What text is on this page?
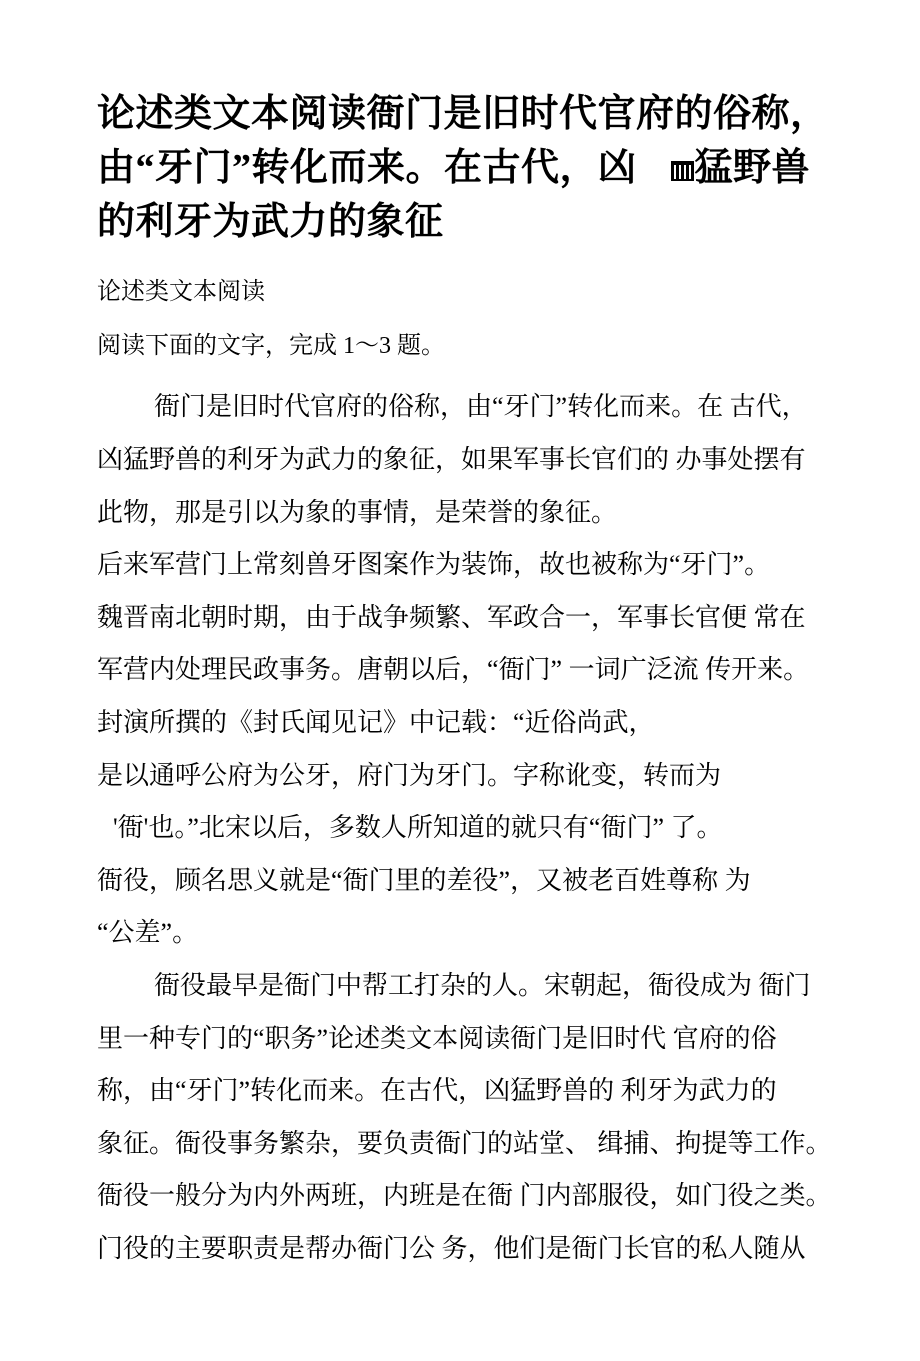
论述类文本阅读衙门是旧时代官府的俗称，
由“牙门”转化而来。在古代，凶 猛野兽
的利牙为武力的象征
论述类文本阅读
阅读下面的文字，完成 1～3 题。
衙门是旧时代官府的俗称，由“牙门”转化而来。在 古代，
凶猛野兽的利牙为武力的象征，如果军事长官们的 办事处摆有
此物，那是引以为象的事情，是荣誉的象征。
后来军营门上常刻兽牙图案作为装饰，故也被称为“牙门”。
魏晋南北朝时期，由于战争频繁、军政合一，军事长官便 常在
军营内处理民政事务。唐朝以后，“衙门” 一词广泛流 传开来。
封演所撰的《封氏闻见记》中记载：“近俗尚武，
是以通呼公府为公牙，府门为牙门。字称讹变，转而为
'衙'也。”北宋以后，多数人所知道的就只有“衙门” 了。
衙役，顾名思义就是“衙门里的差役”，又被老百姓尊称 为
“公差”。
衙役最早是衙门中帮工打杂的人。宋朝起，衙役成为 衙门
里一种专门的“职务”论述类文本阅读衙门是旧时代 官府的俗
称，由“牙门”转化而来。在古代，凶猛野兽的 利牙为武力的
象征。衙役事务繁杂，要负责衙门的站堂、 缉捕、拘提等工作。
衙役一般分为内外两班，内班是在衙 门内部服役，如门役之类。
门役的主要职责是帮办衙门公 务，他们是衙门长官的私人随从
